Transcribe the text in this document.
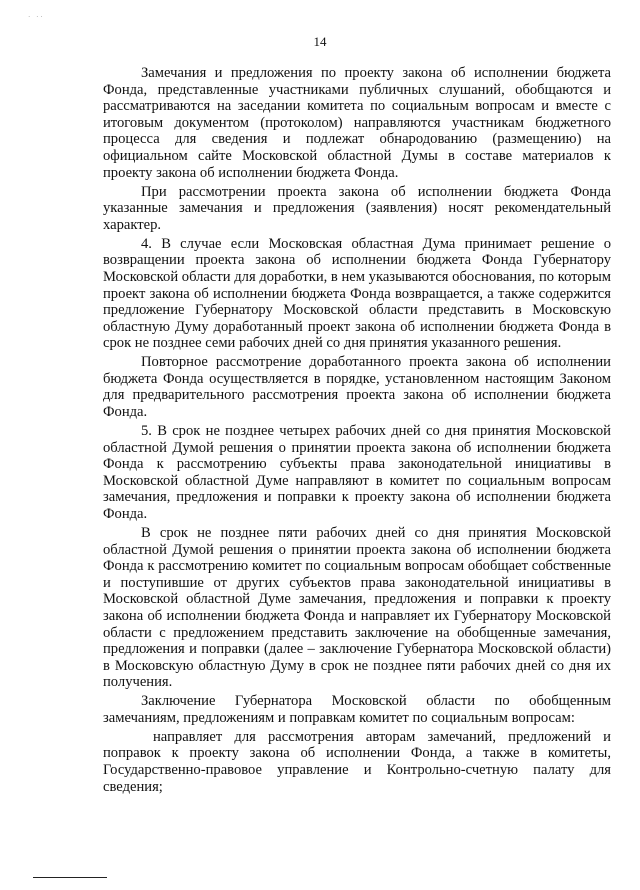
· ··
14

Замечания и предложения по проекту закона об исполнении бюджета Фонда, представленные участниками публичных слушаний, обобщаются и рассматриваются на заседании комитета по социальным вопросам и вместе с итоговым документом (протоколом) направляются участникам бюджетного процесса для сведения и подлежат обнародованию (размещению) на официальном сайте Московской областной Думы в составе материалов к проекту закона об исполнении бюджета Фонда.

При рассмотрении проекта закона об исполнении бюджета Фонда указанные замечания и предложения (заявления) носят рекомендательный характер.

4. В случае если Московская областная Дума принимает решение о возвращении проекта закона об исполнении бюджета Фонда Губернатору Московской области для доработки, в нем указываются обоснования, по которым проект закона об исполнении бюджета Фонда возвращается, а также содержится предложение Губернатору Московской области представить в Московскую областную Думу доработанный проект закона об исполнении бюджета Фонда в срок не позднее семи рабочих дней со дня принятия указанного решения.

Повторное рассмотрение доработанного проекта закона об исполнении бюджета Фонда осуществляется в порядке, установленном настоящим Законом для предварительного рассмотрения проекта закона об исполнении бюджета Фонда.

5. В срок не позднее четырех рабочих дней со дня принятия Московской областной Думой решения о принятии проекта закона об исполнении бюджета Фонда к рассмотрению субъекты права законодательной инициативы в Московской областной Думе направляют в комитет по социальным вопросам замечания, предложения и поправки к проекту закона об исполнении бюджета Фонда.

В срок не позднее пяти рабочих дней со дня принятия Московской областной Думой решения о принятии проекта закона об исполнении бюджета Фонда к рассмотрению комитет по социальным вопросам обобщает собственные и поступившие от других субъектов права законодательной инициативы в Московской областной Думе замечания, предложения и поправки к проекту закона об исполнении бюджета Фонда и направляет их Губернатору Московской области с предложением представить заключение на обобщенные замечания, предложения и поправки (далее – заключение Губернатора Московской области) в Московскую областную Думу в срок не позднее пяти рабочих дней со дня их получения.

Заключение Губернатора Московской области по обобщенным замечаниям, предложениям и поправкам комитет по социальным вопросам:

направляет для рассмотрения авторам замечаний, предложений и поправок к проекту закона об исполнении Фонда, а также в комитеты, Государственно-правовое управление и Контрольно-счетную палату для сведения;
